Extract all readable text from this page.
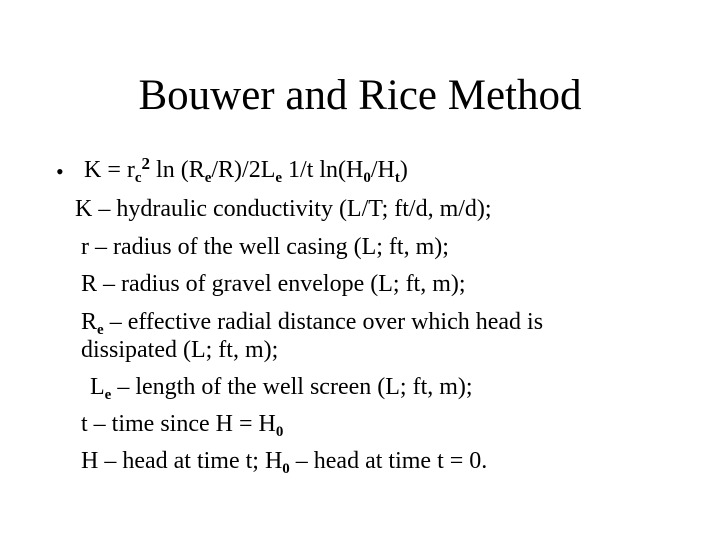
Bouwer and Rice Method
• $K = r_c^2$ $\ln (R_e/R)/2L_e$ 1/t $\ln(H_0/H_t)$
K – hydraulic conductivity (L/T; ft/d, m/d);
r – radius of the well casing (L; ft, m);
R – radius of gravel envelope (L; ft, m);
$R_e$ – effective radial distance over which head is
dissipated (L; ft, m);
$L_e$ – length of the well screen (L; ft, m);
t – time since $H = H_0$
H – head at time t; $H_0$ – head at time t = 0.
